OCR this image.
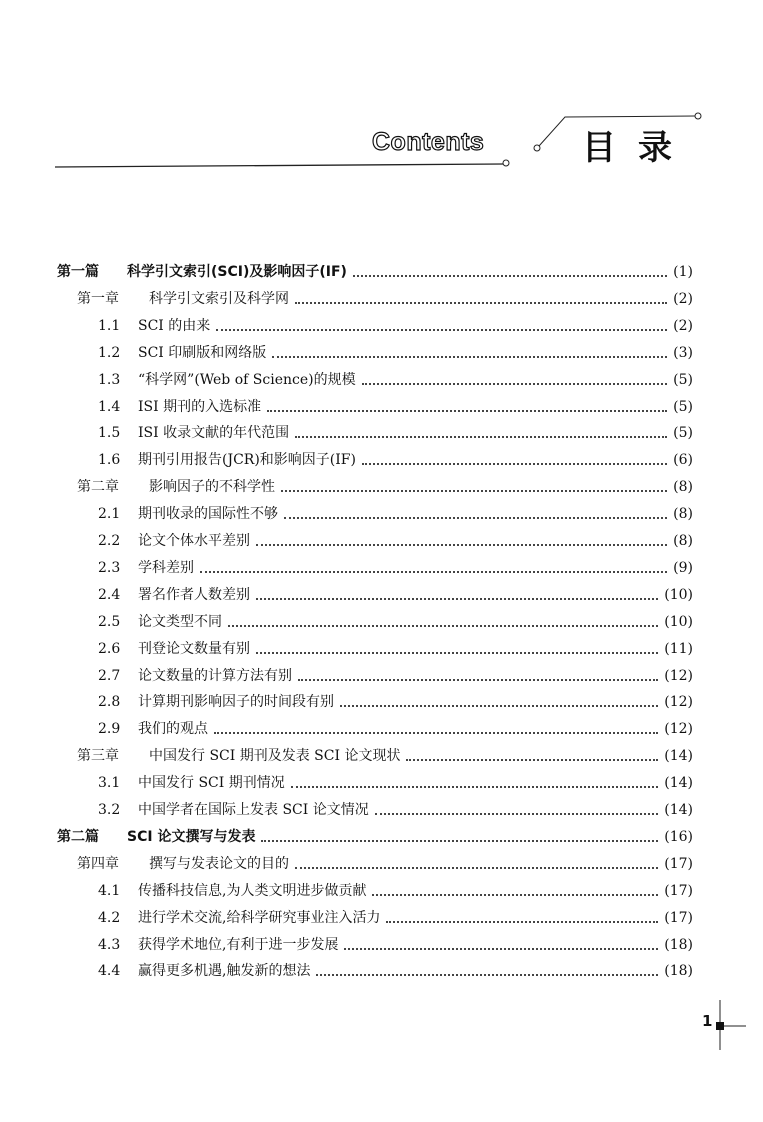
Contents	目录
第一篇	科学引文索引(SCI)及影响因子(IF)	(1)
第一章	科学引文索引及科学网	(2)
1.1	SCI 的由来	(2)
1.2	SCI 印刷版和网络版	(3)
1.3	“科学网”(Web of Science)的规模	(5)
1.4	ISI 期刊的入选标准	(5)
1.5	ISI 收录文献的年代范围	(5)
1.6	期刊引用报告(JCR)和影响因子(IF)	(6)
第二章	影响因子的不科学性	(8)
2.1	期刊收录的国际性不够	(8)
2.2	论文个体水平差别	(8)
2.3	学科差别	(9)
2.4	署名作者人数差别	(10)
2.5	论文类型不同	(10)
2.6	刊登论文数量有别	(11)
2.7	论文数量的计算方法有别	(12)
2.8	计算期刊影响因子的时间段有别	(12)
2.9	我们的观点	(12)
第三章	中国发行 SCI 期刊及发表 SCI 论文现状	(14)
3.1	中国发行 SCI 期刊情况	(14)
3.2	中国学者在国际上发表 SCI 论文情况	(14)
第二篇	SCI 论文撰写与发表	(16)
第四章	撰写与发表论文的目的	(17)
4.1	传播科技信息,为人类文明进步做贡献	(17)
4.2	进行学术交流,给科学研究事业注入活力	(17)
4.3	获得学术地位,有利于进一步发展	(18)
4.4	赢得更多机遇,触发新的想法	(18)
1
